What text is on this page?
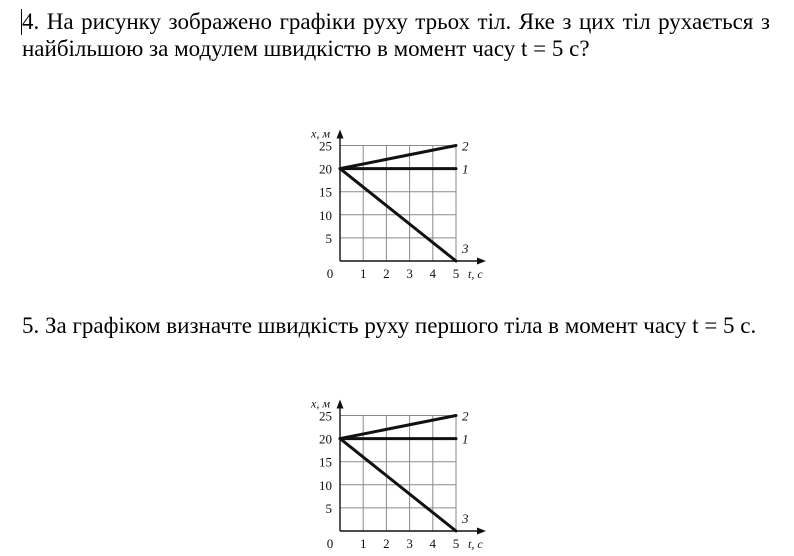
4. На рисунку зображено графіки руху трьох тіл. Яке з цих тіл рухається з найбільшою за модулем швидкістю в момент часу t = 5 с?

5
10
15
20
25
0 1 2 3 4 5
x, м
t, с
1
2
3

5. За графіком визначте швидкість руху першого тіла в момент часу t = 5 с.

5
10
15
20
25
0 1 2 3 4 5
x, м
t, с
1
2
3
